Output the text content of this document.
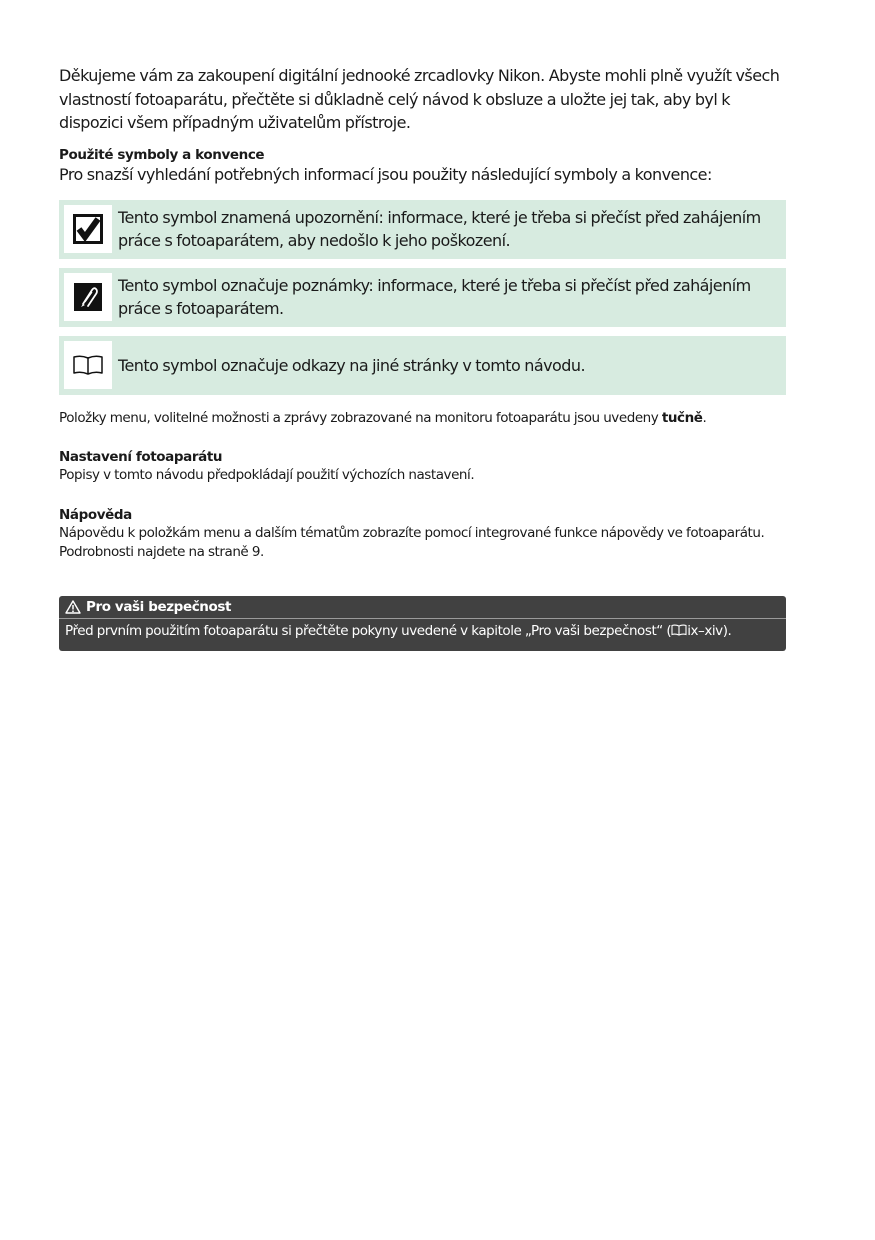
Děkujeme vám za zakoupení digitální jednooké zrcadlovky Nikon. Abyste mohli plně využít všech vlastností fotoaparátu, přečtěte si důkladně celý návod k obsluze a uložte jej tak, aby byl k dispozici všem případným uživatelům přístroje.

Použité symboly a konvence
Pro snazší vyhledání potřebných informací jsou použity následující symboly a konvence:
Tento symbol znamená upozornění: informace, které je třeba si přečíst před zahájením práce s fotoaparátem, aby nedošlo k jeho poškození.
Tento symbol označuje poznámky: informace, které je třeba si přečíst před zahájením práce s fotoaparátem.
Tento symbol označuje odkazy na jiné stránky v tomto návodu.

Položky menu, volitelné možnosti a zprávy zobrazované na monitoru fotoaparátu jsou uvedeny tučně.

Nastavení fotoaparátu

Popisy v tomto návodu předpokládají použití výchozích nastavení.

Nápověda

Nápovědu k položkám menu a dalším tématům zobrazíte pomocí integrované funkce nápovědy ve fotoaparátu. Podrobnosti najdete na straně 9.

Pro vaši bezpečnost
Před prvním použitím fotoaparátu si přečtěte pokyny uvedené v kapitole „Pro vaši bezpečnost“ ( ix–xiv).
